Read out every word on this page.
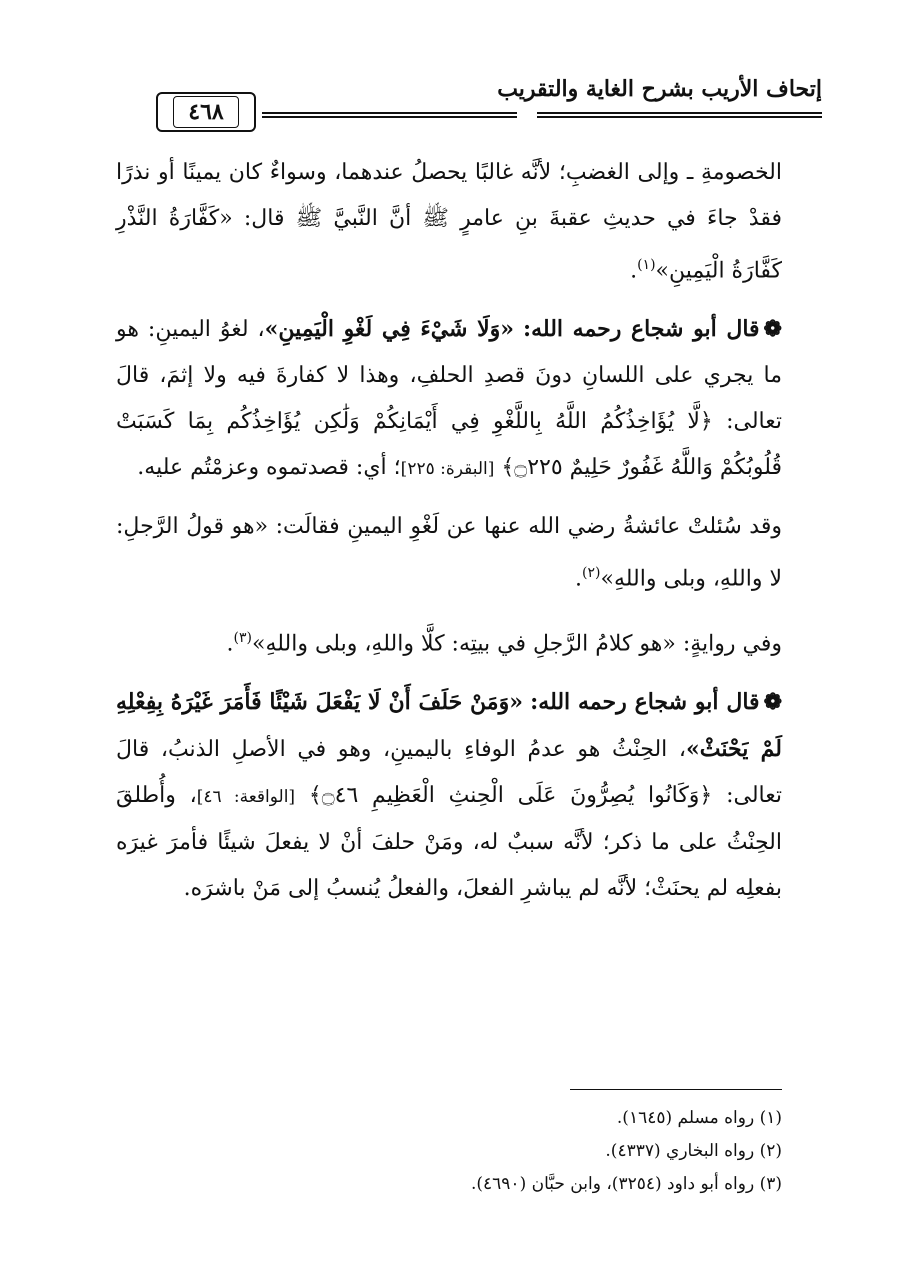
إتحاف الأريب بشرح الغاية والتقريب
٤٦٨

الخصومةِ ـ وإلى الغضبِ؛ لأنَّه غالبًا يحصلُ عندهما، وسواءٌ كان يمينًا أو نذرًا فقدْ جاءَ في حديثِ عقبةَ بنِ عامرٍ ﷺ أنَّ النَّبيَّ ﷺ قال: «كَفَّارَةُ النَّذْرِ كَفَّارَةُ الْيَمِينِ»$^{(١)}$.

❁قال أبو شجاع رحمه الله: «وَلَا شَيْءَ فِي لَغْوِ الْيَمِينِ»، لغوُ اليمينِ: هو ما يجري على اللسانِ دونَ قصدِ الحلفِ، وهذا لا كفارةَ فيه ولا إثمَ، قالَ تعالى: ﴿لَّا يُؤَاخِذُكُمُ اللَّهُ بِاللَّغْوِ فِي أَيْمَانِكُمْ وَلَٰكِن يُؤَاخِذُكُم بِمَا كَسَبَتْ قُلُوبُكُمْ وَاللَّهُ غَفُورٌ حَلِيمٌ ۝٢٢٥﴾ [البقرة: ٢٢٥]؛ أي: قصدتموه وعزمْتُم عليه.

وقد سُئلتْ عائشةُ رضي الله عنها عن لَغْوِ اليمينِ فقالَت: «هو قولُ الرَّجلِ: لا واللهِ، وبلى واللهِ»$^{(٢)}$.

وفي روايةٍ: «هو كلامُ الرَّجلِ في بيتِه: كلَّا واللهِ، وبلى واللهِ»$^{(٣)}$.

❁قال أبو شجاع رحمه الله: «وَمَنْ حَلَفَ أَنْ لَا يَفْعَلَ شَيْئًا فَأَمَرَ غَيْرَهُ بِفِعْلِهِ لَمْ يَحْنَثْ»، الحِنْثُ هو عدمُ الوفاءِ باليمينِ، وهو في الأصلِ الذنبُ، قالَ تعالى: ﴿وَكَانُوا يُصِرُّونَ عَلَى الْحِنثِ الْعَظِيمِ ۝٤٦﴾ [الواقعة: ٤٦]، وأُطلقَ الحِنْثُ على ما ذكر؛ لأنَّه سببٌ له، ومَنْ حلفَ أنْ لا يفعلَ شيئًا فأمرَ غيرَه بفعلِه لم يحنَثْ؛ لأنَّه لم يباشرِ الفعلَ، والفعلُ يُنسبُ إلى مَنْ باشرَه.

(١) رواه مسلم (١٦٤٥).

(٢) رواه البخاري (٤٣٣٧).

(٣) رواه أبو داود (٣٢٥٤)، وابن حبَّان (٤٦٩٠).
